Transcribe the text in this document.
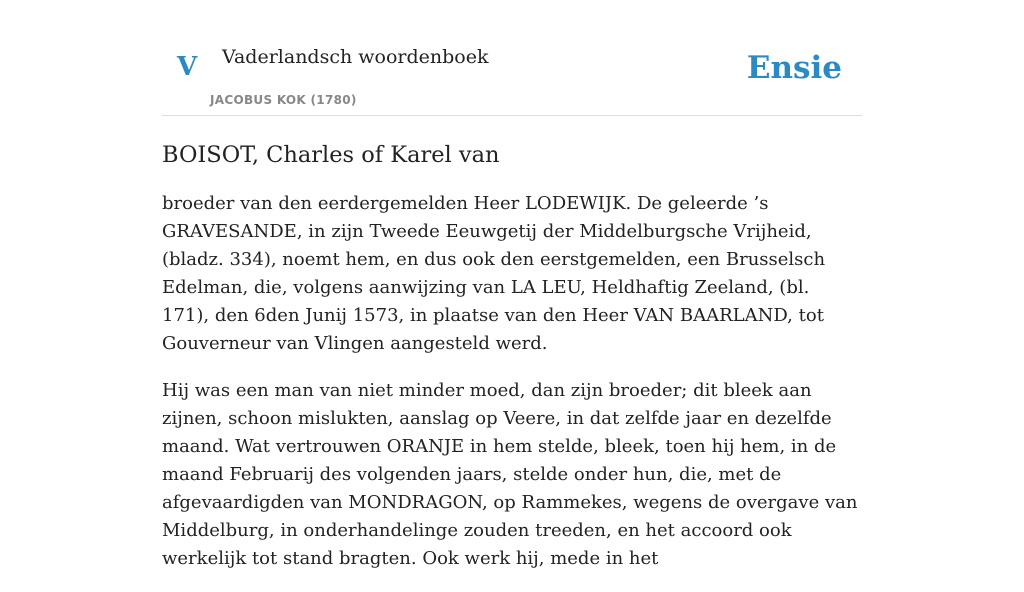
V Vaderlandsch woordenboek
JACOBUS KOK (1780)
Ensie
BOISOT, Charles of Karel van

broeder van den eerdergemelden Heer LODEWIJK. De geleerde ’s GRAVESANDE, in zijn Tweede Eeuwgetij der Middelburgsche Vrijheid, (bladz. 334), noemt hem, en dus ook den eerstgemelden, een Brusselsch Edelman, die, volgens aanwijzing van LA LEU, Heldhaftig Zeeland, (bl. 171), den 6den Junij 1573, in plaatse van den Heer VAN BAARLAND, tot Gouverneur van Vlingen aangesteld werd.

Hij was een man van niet minder moed, dan zijn broeder; dit bleek aan zijnen, schoon mislukten, aanslag op Veere, in dat zelfde jaar en dezelfde maand. Wat vertrouwen ORANJE in hem stelde, bleek, toen hij hem, in de maand Februarij des volgenden jaars, stelde onder hun, die, met de afgevaardigden van MONDRAGON, op Rammekes, wegens de overgave van Middelburg, in onderhandelinge zouden treeden, en het accoord ook werkelijk tot stand bragten. Ook werk hij, mede in het
